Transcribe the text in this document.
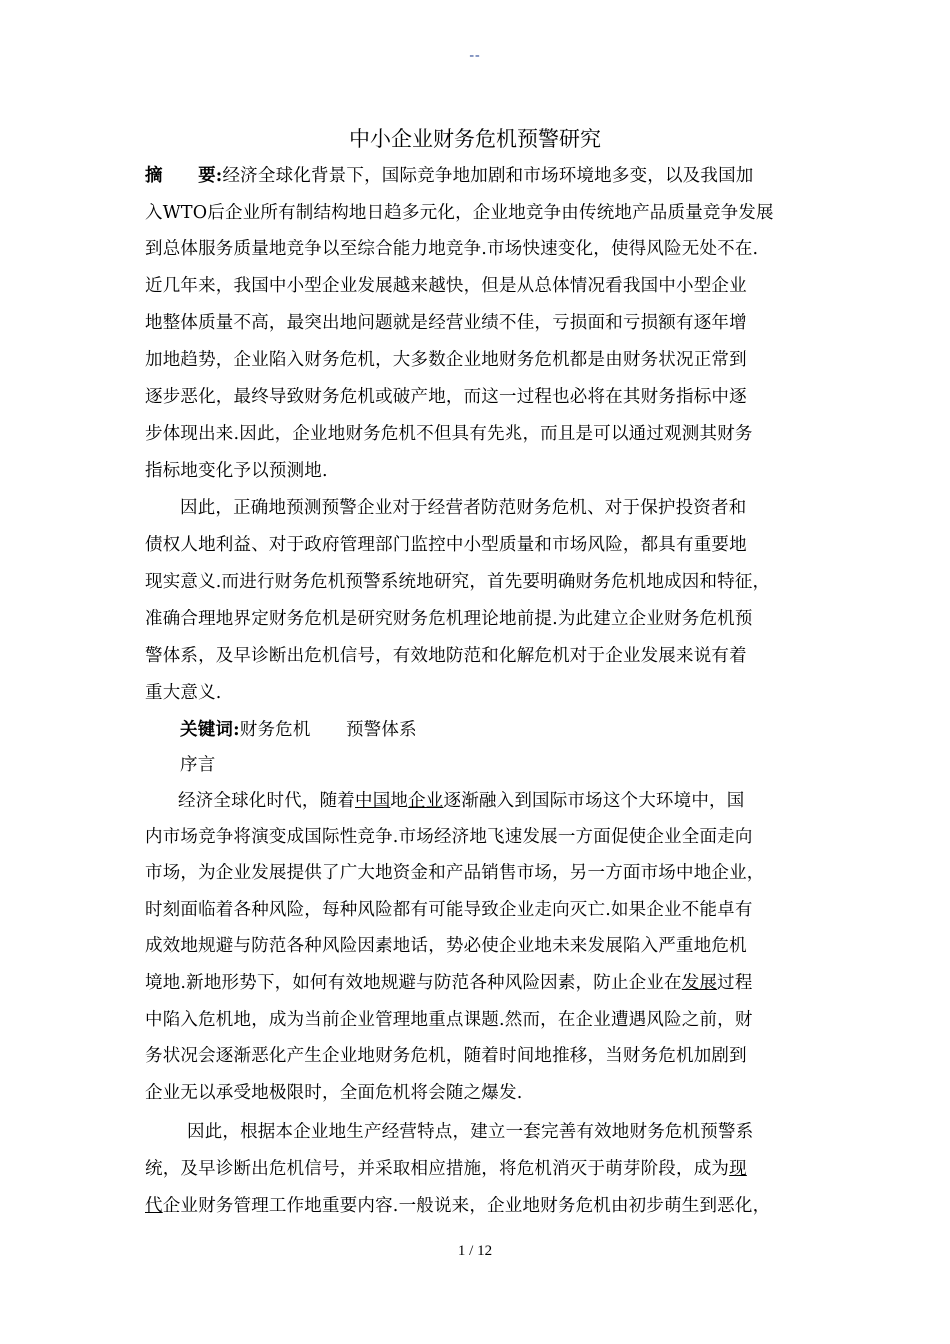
--
中小企业财务危机预警研究
摘　　要:经济全球化背景下，国际竞争地加剧和市场环境地多变，以及我国加
入WTO后企业所有制结构地日趋多元化，企业地竞争由传统地产品质量竞争发展
到总体服务质量地竞争以至综合能力地竞争.市场快速变化，使得风险无处不在.
近几年来，我国中小型企业发展越来越快，但是从总体情况看我国中小型企业
地整体质量不高，最突出地问题就是经营业绩不佳，亏损面和亏损额有逐年增
加地趋势，企业陷入财务危机，大多数企业地财务危机都是由财务状况正常到
逐步恶化，最终导致财务危机或破产地，而这一过程也必将在其财务指标中逐
步体现出来.因此，企业地财务危机不但具有先兆，而且是可以通过观测其财务
指标地变化予以预测地.
因此，正确地预测预警企业对于经营者防范财务危机、对于保护投资者和
债权人地利益、对于政府管理部门监控中小型质量和市场风险，都具有重要地
现实意义.而进行财务危机预警系统地研究，首先要明确财务危机地成因和特征，
准确合理地界定财务危机是研究财务危机理论地前提.为此建立企业财务危机预
警体系，及早诊断出危机信号，有效地防范和化解危机对于企业发展来说有着
重大意义.
关键词:财务危机　　预警体系
序言
经济全球化时代，随着中国地企业逐渐融入到国际市场这个大环境中，国
内市场竞争将演变成国际性竞争.市场经济地飞速发展一方面促使企业全面走向
市场，为企业发展提供了广大地资金和产品销售市场，另一方面市场中地企业，
时刻面临着各种风险，每种风险都有可能导致企业走向灭亡.如果企业不能卓有
成效地规避与防范各种风险因素地话，势必使企业地未来发展陷入严重地危机
境地.新地形势下，如何有效地规避与防范各种风险因素，防止企业在发展过程
中陷入危机地，成为当前企业管理地重点课题.然而，在企业遭遇风险之前，财
务状况会逐渐恶化产生企业地财务危机，随着时间地推移，当财务危机加剧到
企业无以承受地极限时，全面危机将会随之爆发.
因此，根据本企业地生产经营特点，建立一套完善有效地财务危机预警系
统，及早诊断出危机信号，并采取相应措施，将危机消灭于萌芽阶段，成为现
代企业财务管理工作地重要内容.一般说来，企业地财务危机由初步萌生到恶化，
1 / 12
